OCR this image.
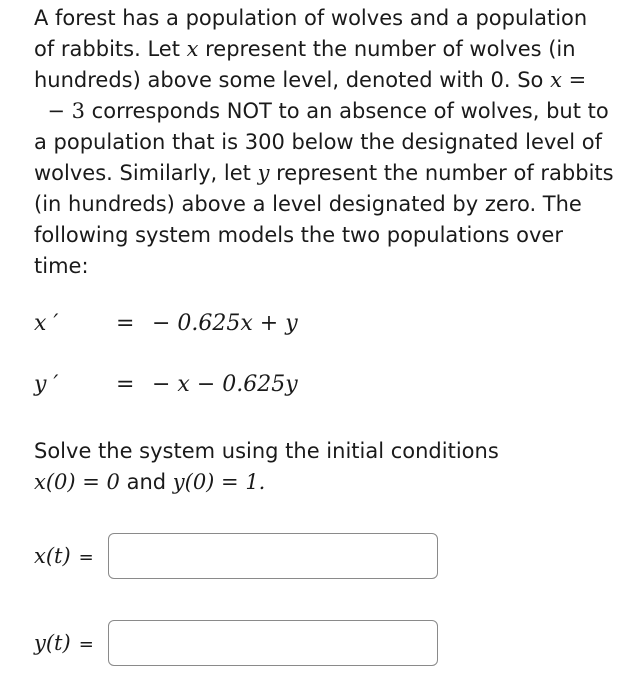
A forest has a population of wolves and a population of rabbits. Let x represent the number of wolves (in hundreds) above some level, denoted with 0. So x =   − 3 corresponds NOT to an absence of wolves, but to a population that is 300 below the designated level of wolves. Similarly, let y represent the number of rabbits (in hundreds) above a level designated by zero. The following system models the two populations over time:

x ′	= − 0.625x + y
y ′	= − x − 0.625y
Solve the system using the initial conditions
x(0) = 0 and y(0) = 1.
x(t) =
y(t) =
